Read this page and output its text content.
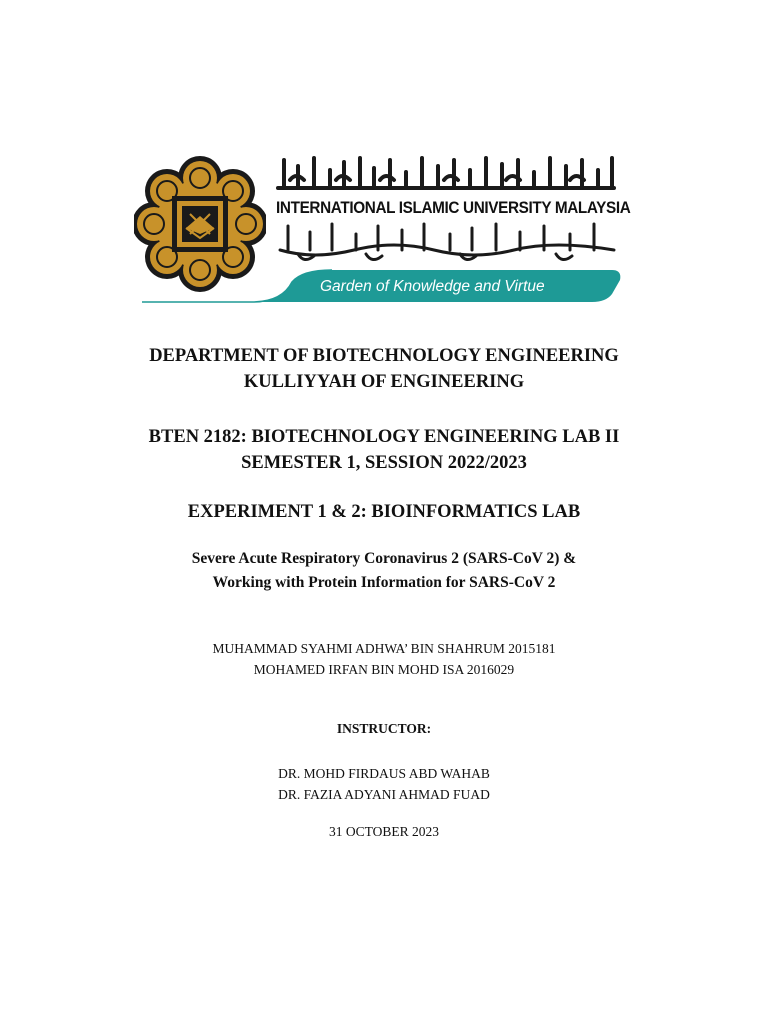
الجامعة الإسلامية العالمية ماليزيا
INTERNATIONAL ISLAMIC UNIVERSITY MALAYSIA
يونيبرسيتي إسلام انتارابڠسا مليسيا
Garden of Knowledge and Virtue
DEPARTMENT OF BIOTECHNOLOGY ENGINEERING
KULLIYYAH OF ENGINEERING
BTEN 2182: BIOTECHNOLOGY ENGINEERING LAB II
SEMESTER 1, SESSION 2022/2023
EXPERIMENT 1 & 2: BIOINFORMATICS LAB
Severe Acute Respiratory Coronavirus 2 (SARS-CoV 2) &
Working with Protein Information for SARS-CoV 2
MUHAMMAD SYAHMI ADHWA’ BIN SHAHRUM 2015181
MOHAMED IRFAN BIN MOHD ISA 2016029
INSTRUCTOR:
DR. MOHD FIRDAUS ABD WAHAB
DR. FAZIA ADYANI AHMAD FUAD
31 OCTOBER 2023
